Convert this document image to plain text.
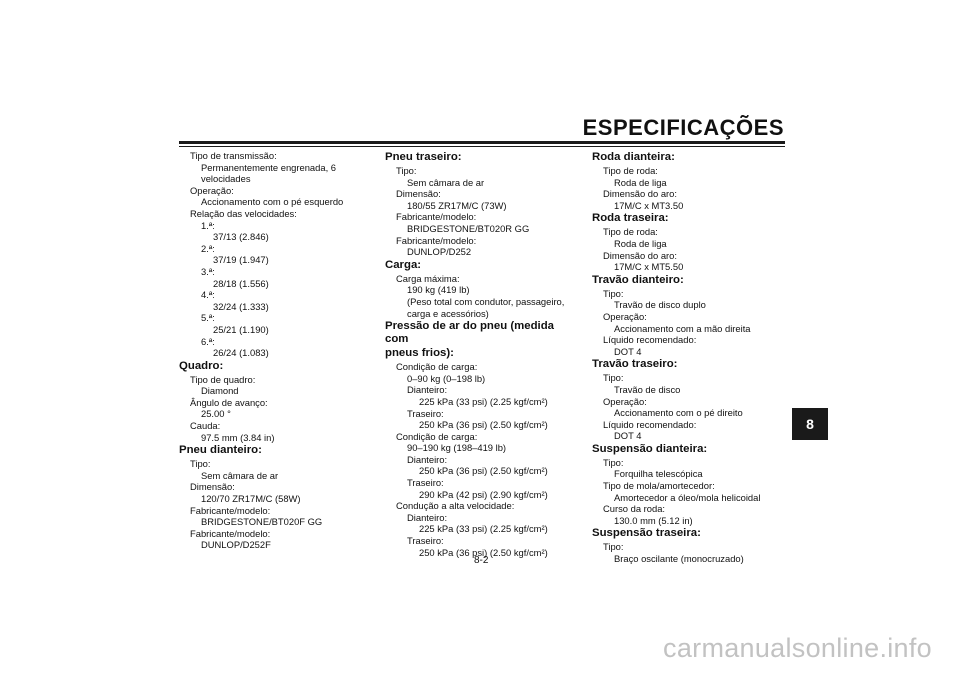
ESPECIFICAÇÕES
Tipo de transmissão:
Permanentemente engrenada, 6
velocidades
Operação:
Accionamento com o pé esquerdo
Relação das velocidades:
1.ª:
37/13 (2.846)
2.ª:
37/19 (1.947)
3.ª:
28/18 (1.556)
4.ª:
32/24 (1.333)
5.ª:
25/21 (1.190)
6.ª:
26/24 (1.083)
Quadro:
Tipo de quadro:
Diamond
Ângulo de avanço:
25.00 °
Cauda:
97.5 mm (3.84 in)
Pneu dianteiro:
Tipo:
Sem câmara de ar
Dimensão:
120/70 ZR17M/C (58W)
Fabricante/modelo:
BRIDGESTONE/BT020F GG
Fabricante/modelo:
DUNLOP/D252F
Pneu traseiro:
Tipo:
Sem câmara de ar
Dimensão:
180/55 ZR17M/C (73W)
Fabricante/modelo:
BRIDGESTONE/BT020R GG
Fabricante/modelo:
DUNLOP/D252
Carga:
Carga máxima:
190 kg (419 lb)
(Peso total com condutor, passageiro,
carga e acessórios)
Pressão de ar do pneu (medida com
pneus frios):
Condição de carga:
0–90 kg (0–198 lb)
Dianteiro:
225 kPa (33 psi) (2.25 kgf/cm²)
Traseiro:
250 kPa (36 psi) (2.50 kgf/cm²)
Condição de carga:
90–190 kg (198–419 lb)
Dianteiro:
250 kPa (36 psi) (2.50 kgf/cm²)
Traseiro:
290 kPa (42 psi) (2.90 kgf/cm²)
Condução a alta velocidade:
Dianteiro:
225 kPa (33 psi) (2.25 kgf/cm²)
Traseiro:
250 kPa (36 psi) (2.50 kgf/cm²)
Roda dianteira:
Tipo de roda:
Roda de liga
Dimensão do aro:
17M/C x MT3.50
Roda traseira:
Tipo de roda:
Roda de liga
Dimensão do aro:
17M/C x MT5.50
Travão dianteiro:
Tipo:
Travão de disco duplo
Operação:
Accionamento com a mão direita
Líquido recomendado:
DOT 4
Travão traseiro:
Tipo:
Travão de disco
Operação:
Accionamento com o pé direito
Líquido recomendado:
DOT 4
Suspensão dianteira:
Tipo:
Forquilha telescópica
Tipo de mola/amortecedor:
Amortecedor a óleo/mola helicoidal
Curso da roda:
130.0 mm (5.12 in)
Suspensão traseira:
Tipo:
Braço oscilante (monocruzado)
8
8-2
carmanualsonline.info
